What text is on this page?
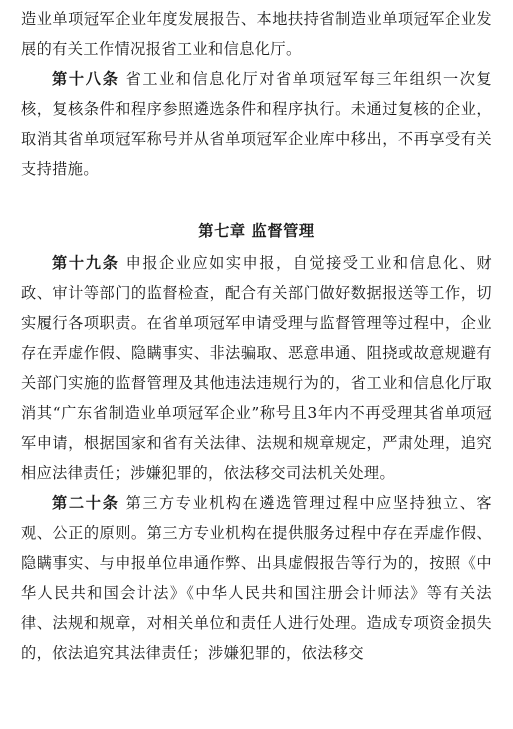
造业单项冠军企业年度发展报告、本地扶持省制造业单项冠军企业发展的有关工作情况报省工业和信息化厅。

第十八条 省工业和信息化厅对省单项冠军每三年组织一次复核，复核条件和程序参照遴选条件和程序执行。未通过复核的企业，取消其省单项冠军称号并从省单项冠军企业库中移出，不再享受有关支持措施。

第七章 监督管理

第十九条 申报企业应如实申报，自觉接受工业和信息化、财政、审计等部门的监督检查，配合有关部门做好数据报送等工作，切实履行各项职责。在省单项冠军申请受理与监督管理等过程中，企业存在弄虚作假、隐瞒事实、非法骗取、恶意串通、阻挠或故意规避有关部门实施的监督管理及其他违法违规行为的，省工业和信息化厅取消其“广东省制造业单项冠军企业”称号且3年内不再受理其省单项冠军申请，根据国家和省有关法律、法规和规章规定，严肃处理，追究相应法律责任；涉嫌犯罪的，依法移交司法机关处理。

第二十条 第三方专业机构在遴选管理过程中应坚持独立、客观、公正的原则。第三方专业机构在提供服务过程中存在弄虚作假、隐瞒事实、与申报单位串通作弊、出具虚假报告等行为的，按照《中华人民共和国会计法》《中华人民共和国注册会计师法》等有关法律、法规和规章，对相关单位和责任人进行处理。造成专项资金损失的，依法追究其法律责任；涉嫌犯罪的，依法移交
